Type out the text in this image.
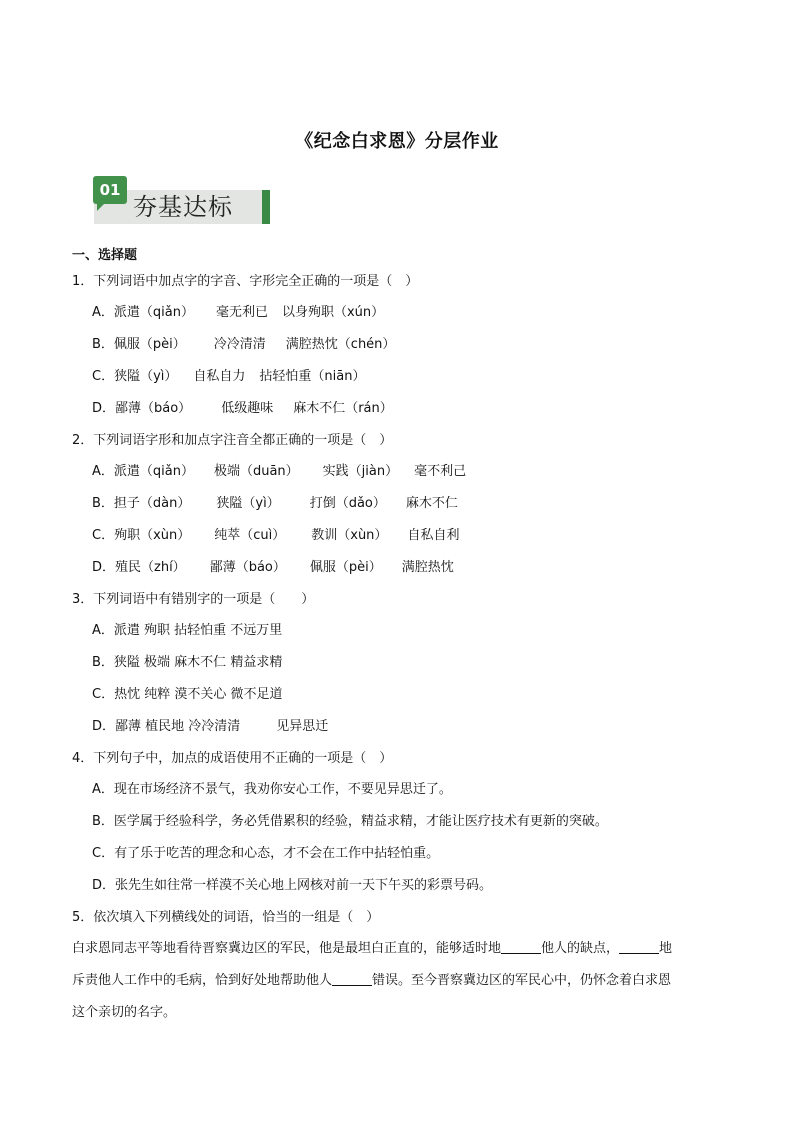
《纪念白求恩》分层作业
01
夯基达标
一、选择题
1．下列词语中加点字的字音、字形完全正确的一项是（　）
A．派遣（qiǎn） 毫无利已 以身殉职（xún）
B．佩服（pèi） 冷冷清清 满腔热忱（chén）
C．狭隘（yì） 自私自力 拈轻怕重（niān）
D．鄙薄（báo） 低级趣味 麻木不仁（rán）
2．下列词语字形和加点字注音全都正确的一项是（　）
A．派遣（qiǎn） 极端（duān） 实践（jiàn） 毫不利己
B．担子（dàn） 狭隘（yì） 打倒（dǎo） 麻木不仁
C．殉职（xùn） 纯萃（cuì） 教训（xùn） 自私自利
D．殖民（zhí） 鄙薄（báo） 佩服（pèi） 满腔热忱
3．下列词语中有错别字的一项是（　　）
A．派遣 殉职 拈轻怕重 不远万里
B．狭隘 极端 麻木不仁 精益求精
C．热忱 纯粹 漠不关心 微不足道
D．鄙薄 植民地 冷冷清清	见异思迁
4．下列句子中，加点的成语使用不正确的一项是（　）
A．现在市场经济不景气，我劝你安心工作，不要见异思迁了。
B．医学属于经验科学，务必凭借累积的经验，精益求精，才能让医疗技术有更新的突破。
C．有了乐于吃苦的理念和心态，才不会在工作中拈轻怕重。
D．张先生如往常一样漠不关心地上网核对前一天下午买的彩票号码。
5．依次填入下列横线处的词语，恰当的一组是（　）
白求恩同志平等地看待晋察冀边区的军民，他是最坦白正直的，能够适时地	他人的缺点，	地
斥责他人工作中的毛病，恰到好处地帮助他人	错误。至今晋察冀边区的军民心中，仍怀念着白求恩
这个亲切的名字。
